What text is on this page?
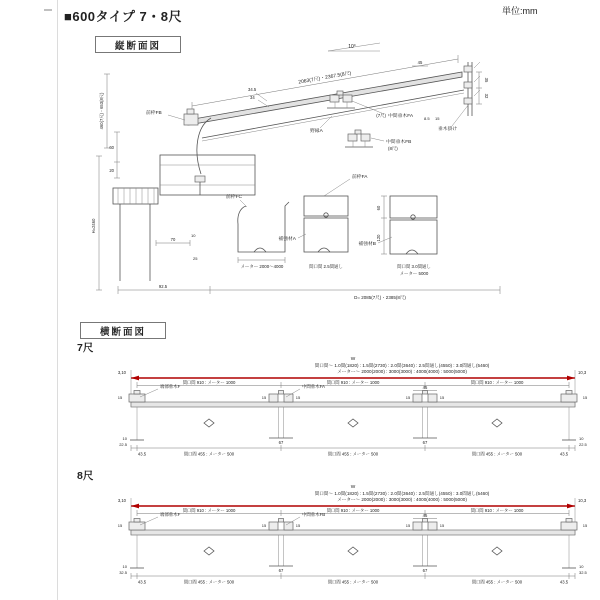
■600タイプ 7・8尺	単位:mm
縦断面図	10°
2063(7尺)・2367.5(8尺)
34.5
34
前枠FB
野縁A	垂木掛け
35
32
8.5 15
45
(7尺) 中間垂木FA
中間垂木FB
(8尺)
前枠FA
前枠FC
メーター 2000〜4000
補強材A
間口間 2.5間通し
60
120
補強材B
間口間 3.0間通し
メーター 5000
70
10
25
460(7尺)・653(8尺)
60
20
H=2460
92.5
D= 2085(7尺)・2385(8尺)
横断面図
7尺
W
間口間〜 1.0間(1820) : 1.5間(2730) : 2.0間(3640) : 2.5間通し(4550) : 3.0間通し(5460)
メーター〜 2000(2000) : 3000(3000) : 4000(4000) : 5000(5000)
3,10	10,3
間口間 910 : メーター 1000	間口間 910 : メーター 1000	間口間 910 : メーター 1000
15	15	15	15	15	15
45
端部垂木F	中間垂木FA
67	67
43.5	間口間 455 : メーター 500	間口間 455 : メーター 500	間口間 455 : メーター 500	43.5
10
22.5
10
22.5
8尺
W
間口間〜 1.0間(1820) : 1.5間(2730) : 2.0間(3640) : 2.5間通し(4550) : 3.0間通し(5460)
メーター〜 2000(2000) : 3000(3000) : 4000(4000) : 5000(5000)
3,10	10,3
間口間 910 : メーター 1000	間口間 910 : メーター 1000	間口間 910 : メーター 1000
15	15	15	15	15	15
45
端部垂木F	中間垂木FB
67	67
43.5	間口間 455 : メーター 500	間口間 455 : メーター 500	間口間 455 : メーター 500	43.5
10
32.5
10
32.5
